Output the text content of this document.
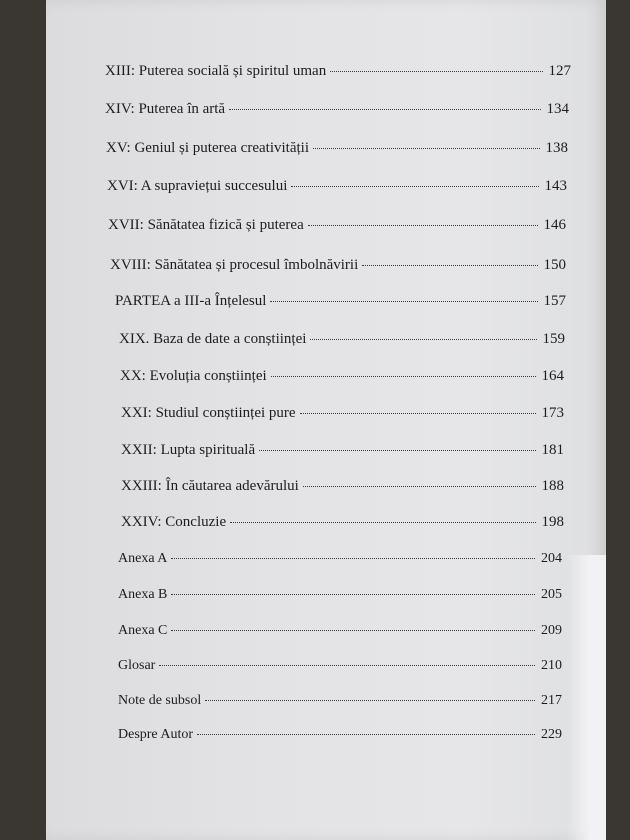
XIII: Puterea socială și spiritul uman	127
XIV: Puterea în artă	134
XV: Geniul și puterea creativității	138
XVI: A supraviețui succesului	143
XVII: Sănătatea fizică și puterea	146
XVIII: Sănătatea și procesul îmbolnăvirii	150
PARTEA a III-a Înțelesul	157
XIX. Baza de date a conștiinței	159
XX: Evoluția conștiinței	164
XXI: Studiul conștiinței pure	173
XXII: Lupta spirituală	181
XXIII: În căutarea adevărului	188
XXIV: Concluzie	198
Anexa A	204
Anexa B	205
Anexa C	209
Glosar	210
Note de subsol	217
Despre Autor	229
